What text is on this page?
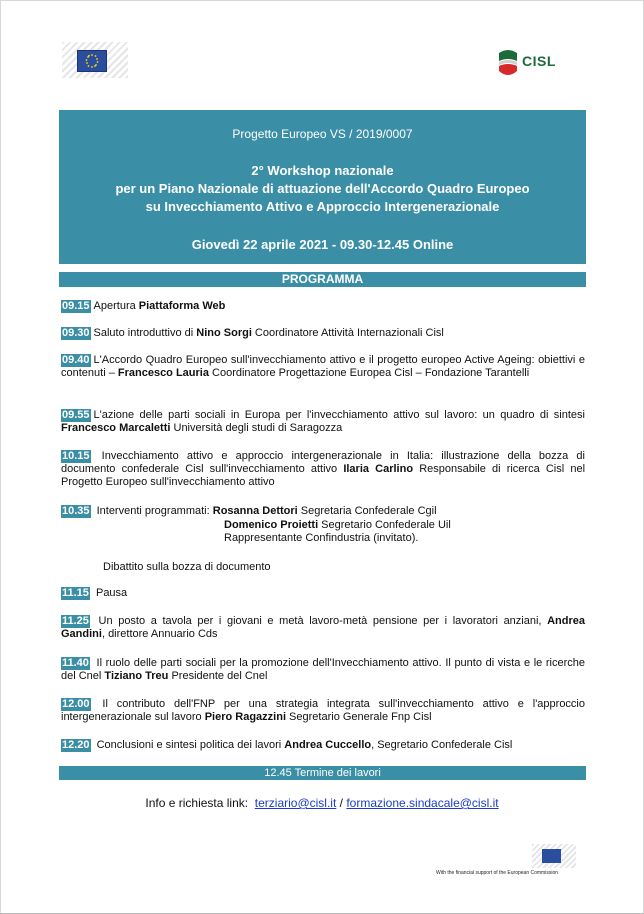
CISL
Progetto Europeo VS / 2019/0007
2° Workshop nazionale
per un Piano Nazionale di attuazione dell'Accordo Quadro Europeo
su Invecchiamento Attivo e Approccio Intergenerazionale
Giovedì 22 aprile 2021 - 09.30-12.45 Online
PROGRAMMA
09.15 Apertura Piattaforma Web
09.30 Saluto introduttivo di Nino Sorgi Coordinatore Attività Internazionali Cisl
09.40 L'Accordo Quadro Europeo sull'invecchiamento attivo e il progetto europeo Active Ageing: obiettivi e contenuti – Francesco Lauria Coordinatore Progettazione Europea Cisl – Fondazione Tarantelli
09.55 L'azione delle parti sociali in Europa per l'invecchiamento attivo sul lavoro: un quadro di sintesi Francesco Marcaletti Università degli studi di Saragozza
10.15 Invecchiamento attivo e approccio intergenerazionale in Italia: illustrazione della bozza di documento confederale Cisl sull'invecchiamento attivo Ilaria Carlino Responsabile di ricerca Cisl nel Progetto Europeo sull'invecchiamento attivo
10.35 Interventi programmati: Rosanna Dettori Segretaria Confederale Cgil
Domenico Proietti Segretario Confederale Uil
Rappresentante Confindustria (invitato).
Dibattito sulla bozza di documento
11.15 Pausa
11.25 Un posto a tavola per i giovani e metà lavoro-metà pensione per i lavoratori anziani, Andrea Gandini, direttore Annuario Cds
11.40 Il ruolo delle parti sociali per la promozione dell'Invecchiamento attivo. Il punto di vista e le ricerche del Cnel Tiziano Treu Presidente del Cnel
12.00 Il contributo dell'FNP per una strategia integrata sull'invecchiamento attivo e l'approccio intergenerazionale sul lavoro Piero Ragazzini Segretario Generale Fnp Cisl
12.20 Conclusioni e sintesi politica dei lavori Andrea Cuccello, Segretario Confederale Cisl
12.45 Termine dei lavori
Info e richiesta link: terziario@cisl.it / formazione.sindacale@cisl.it
With the financial support of the European Commission
